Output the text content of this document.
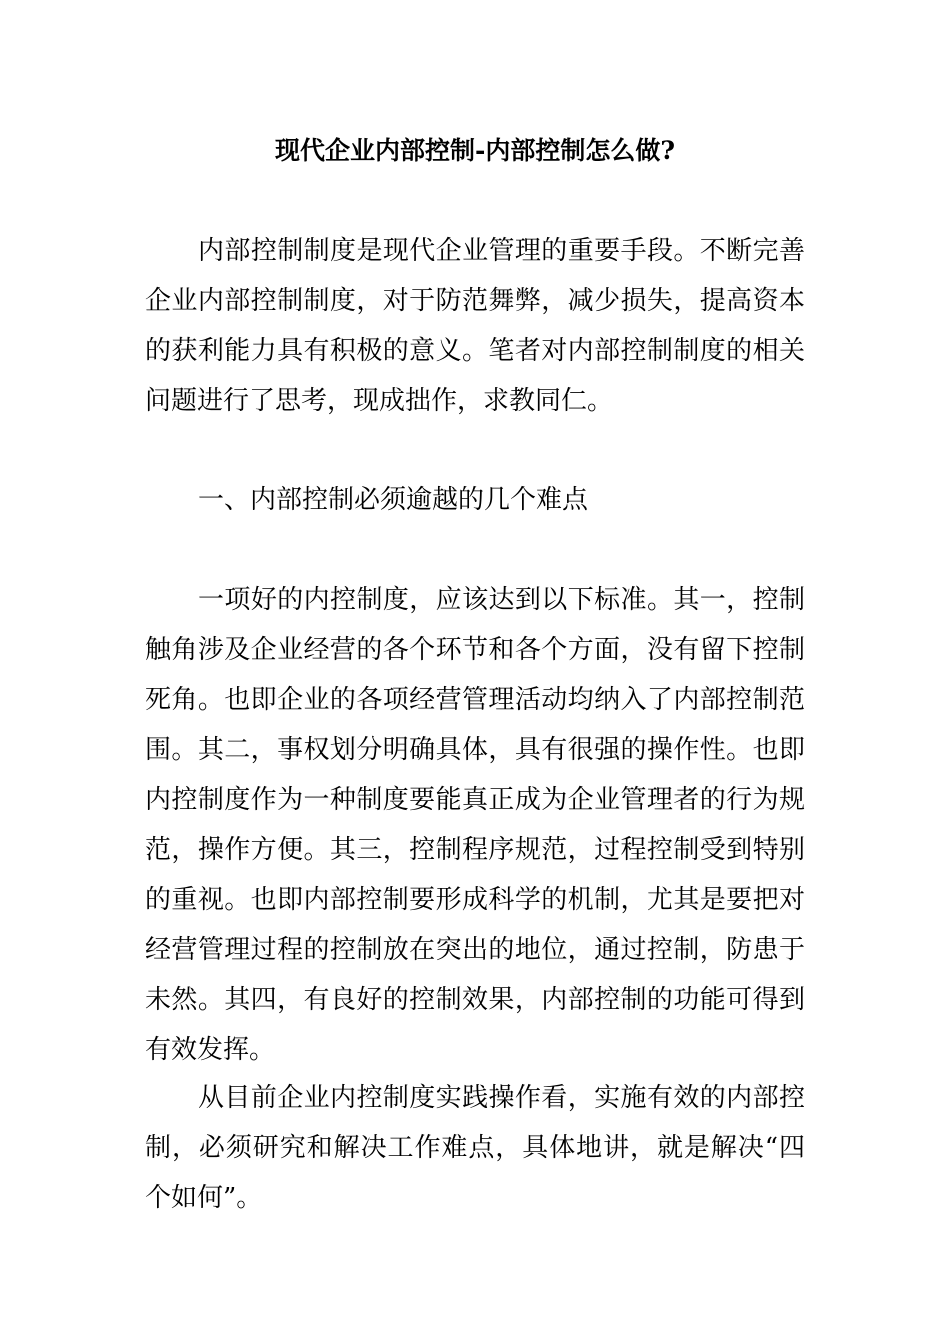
现代企业内部控制-内部控制怎么做?
内部控制制度是现代企业管理的重要手段。不断完善
企业内部控制制度，对于防范舞弊，减少损失，提高资本
的获利能力具有积极的意义。笔者对内部控制制度的相关
问题进行了思考，现成拙作，求教同仁。
一、内部控制必须逾越的几个难点
一项好的内控制度，应该达到以下标准。其一，控制
触角涉及企业经营的各个环节和各个方面，没有留下控制
死角。也即企业的各项经营管理活动均纳入了内部控制范
围。其二，事权划分明确具体，具有很强的操作性。也即
内控制度作为一种制度要能真正成为企业管理者的行为规
范，操作方便。其三，控制程序规范，过程控制受到特别
的重视。也即内部控制要形成科学的机制，尤其是要把对
经营管理过程的控制放在突出的地位，通过控制，防患于
未然。其四，有良好的控制效果，内部控制的功能可得到
有效发挥。
从目前企业内控制度实践操作看，实施有效的内部控
制，必须研究和解决工作难点，具体地讲，就是解决“四
个如何”。
